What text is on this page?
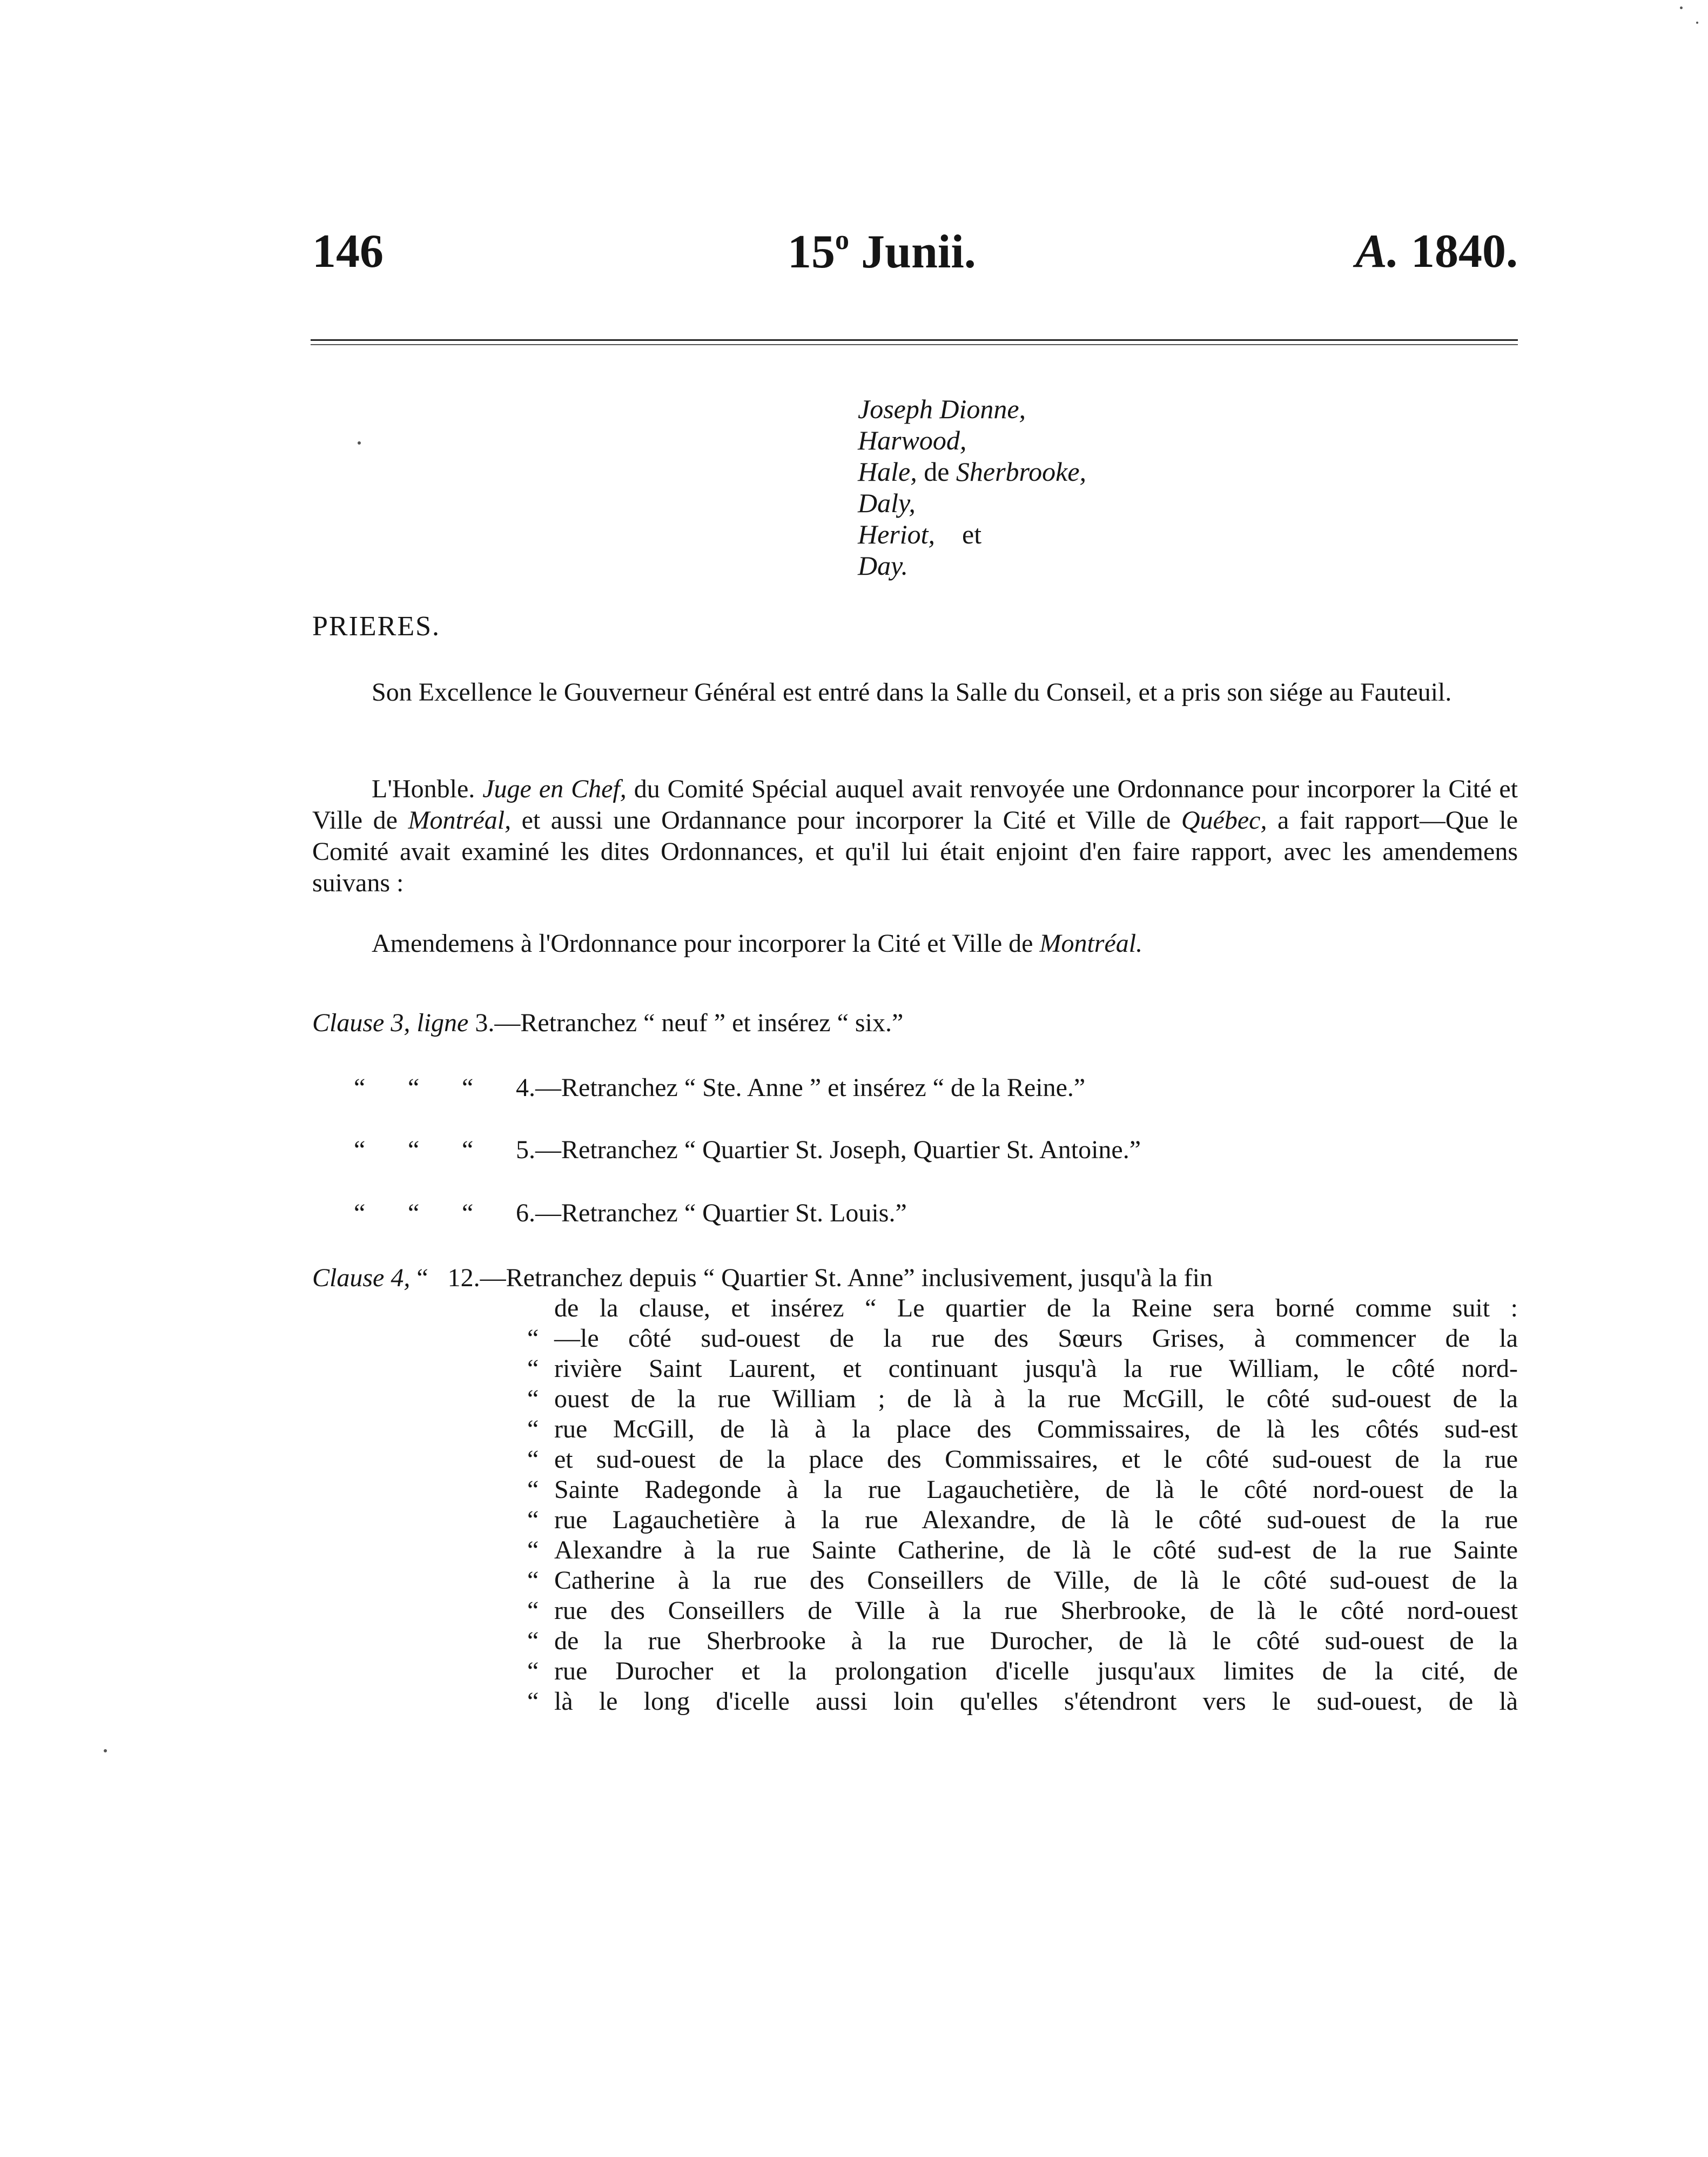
146	15$^o$ Junii.	A. 1840.
Joseph Dionne,
Harwood,
Hale, de Sherbrooke,
Daly,
Heriot, et
Day.
PRIERES.

Son Excellence le Gouverneur Général est entré dans la Salle du Conseil, et a pris son siége au Fauteuil.

L'Honble. Juge en Chef, du Comité Spécial auquel avait renvoyée une Ordonnance pour incorporer la Cité et Ville de Montréal, et aussi une Ordannance pour incorporer la Cité et Ville de Québec, a fait rapport—Que le Comité avait examiné les dites Ordonnances, et qu'il lui était enjoint d'en faire rapport, avec les amendemens suivans :

Amendemens à l'Ordonnance pour incorporer la Cité et Ville de Montréal.
Clause 3, ligne 3.—Retranchez “ neuf ” et insérez “ six.”
“ “ “ 4.—Retranchez “ Ste. Anne ” et insérez “ de la Reine.”
“ “ “ 5.—Retranchez “ Quartier St. Joseph, Quartier St. Antoine.”
“ “ “ 6.—Retranchez “ Quartier St. Louis.”
Clause 4, “ 12.—Retranchez depuis “ Quartier St. Anne” inclusivement, jusqu'à la fin
de la clause, et insérez “ Le quartier de la Reine sera borné comme suit :
“ —le côté sud-ouest de la rue des Sœurs Grises, à commencer de la
“ rivière Saint Laurent, et continuant jusqu'à la rue William, le côté nord-
“ ouest de la rue William ; de là à la rue McGill, le côté sud-ouest de la
“ rue McGill, de là à la place des Commissaires, de là les côtés sud-est
“ et sud-ouest de la place des Commissaires, et le côté sud-ouest de la rue
“ Sainte Radegonde à la rue Lagauchetière, de là le côté nord-ouest de la
“ rue Lagauchetière à la rue Alexandre, de là le côté sud-ouest de la rue
“ Alexandre à la rue Sainte Catherine, de là le côté sud-est de la rue Sainte
“ Catherine à la rue des Conseillers de Ville, de là le côté sud-ouest de la
“ rue des Conseillers de Ville à la rue Sherbrooke, de là le côté nord-ouest
“ de la rue Sherbrooke à la rue Durocher, de là le côté sud-ouest de la
“ rue Durocher et la prolongation d'icelle jusqu'aux limites de la cité, de
“ là le long d'icelle aussi loin qu'elles s'étendront vers le sud-ouest, de là
